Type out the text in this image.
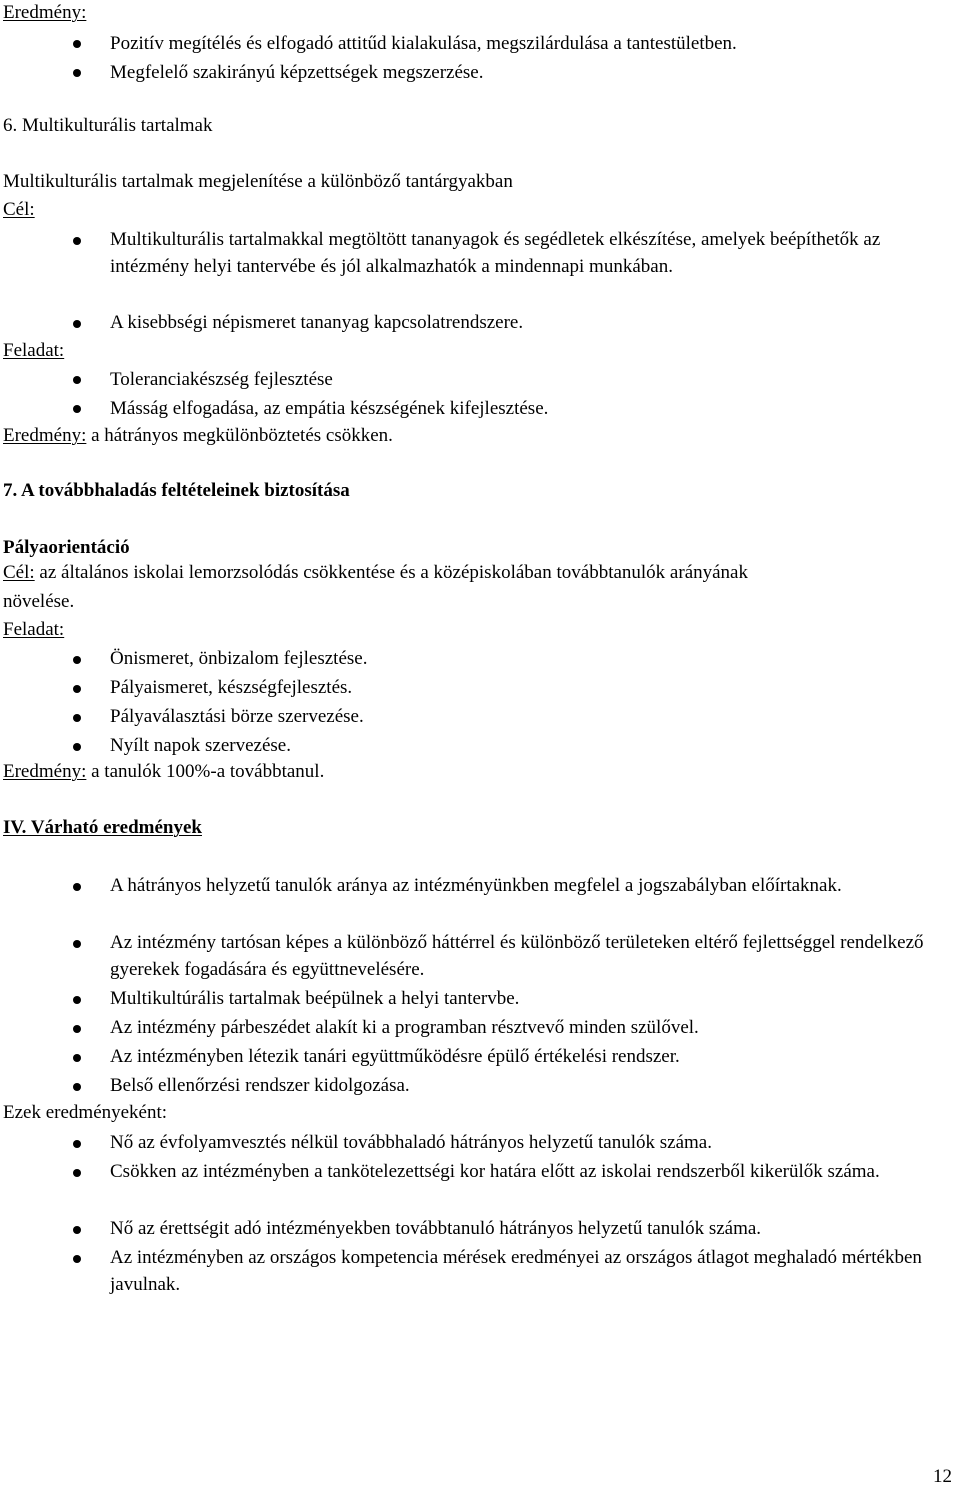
Eredmény:
Pozitív megítélés és elfogadó attitűd kialakulása, megszilárdulása a tantestületben.
Megfelelő szakirányú képzettségek megszerzése.
6. Multikulturális tartalmak
Multikulturális tartalmak megjelenítése a különböző tantárgyakban
Cél:
Multikulturális tartalmakkal megtöltött tananyagok és segédletek elkészítése, amelyek beépíthetők az intézmény helyi tantervébe és jól alkalmazhatók a mindennapi munkában.
A kisebbségi népismeret tananyag kapcsolatrendszere.
Feladat:
Toleranciakészség fejlesztése
Másság elfogadása, az empátia készségének kifejlesztése.
Eredmény: a hátrányos megkülönböztetés csökken.
7. A továbbhaladás feltételeinek biztosítása
Pályaorientáció
Cél: az általános iskolai lemorzsolódás csökkentése és a középiskolában továbbtanulók arányának
növelése.
Feladat:
Önismeret, önbizalom fejlesztése.
Pályaismeret, készségfejlesztés.
Pályaválasztási börze szervezése.
Nyílt napok szervezése.
Eredmény: a tanulók 100%-a továbbtanul.
IV. Várható eredmények
A hátrányos helyzetű tanulók aránya az intézményünkben megfelel a jogszabályban előírtaknak.
Az intézmény tartósan képes a különböző háttérrel és különböző területeken eltérő fejlettséggel rendelkező gyerekek fogadására és együttnevelésére.
Multikultúrális tartalmak beépülnek a helyi tantervbe.
Az intézmény párbeszédet alakít ki a programban résztvevő minden szülővel.
Az intézményben létezik tanári együttműködésre épülő értékelési rendszer.
Belső ellenőrzési rendszer kidolgozása.
Ezek eredményeként:
Nő az évfolyamvesztés nélkül továbbhaladó hátrányos helyzetű tanulók száma.
Csökken az intézményben a tankötelezettségi kor határa előtt az iskolai rendszerből kikerülők száma.
Nő az érettségit adó intézményekben továbbtanuló hátrányos helyzetű tanulók száma.
Az intézményben az országos kompetencia mérések eredményei az országos átlagot meghaladó mértékben javulnak.
12
